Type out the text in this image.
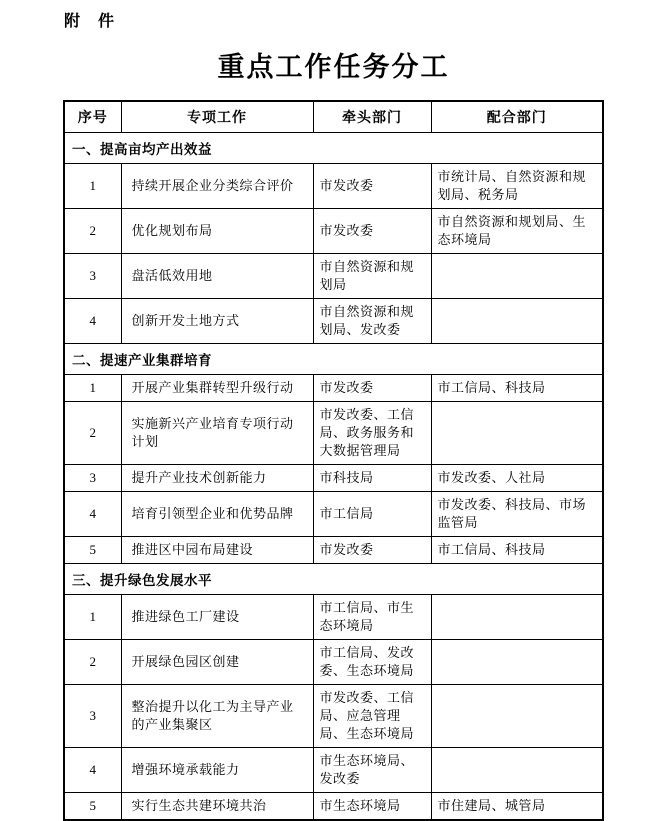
附　件
重点工作任务分工
序号	专项工作	牵头部门	配合部门
一、提高亩均产出效益			
1	持续开展企业分类综合评价	市发改委	市统计局、自然资源和规划局、税务局
2	优化规划布局	市发改委	市自然资源和规划局、生态环境局
3	盘活低效用地	市自然资源和规划局	
4	创新开发土地方式	市自然资源和规划局、发改委	
二、提速产业集群培育			
1	开展产业集群转型升级行动	市发改委	市工信局、科技局
2	实施新兴产业培育专项行动计划	市发改委、工信局、政务服务和大数据管理局	
3	提升产业技术创新能力	市科技局	市发改委、人社局
4	培育引领型企业和优势品牌	市工信局	市发改委、科技局、市场监管局
5	推进区中园布局建设	市发改委	市工信局、科技局
三、提升绿色发展水平			
1	推进绿色工厂建设	市工信局、市生态环境局	
2	开展绿色园区创建	市工信局、发改委、生态环境局	
3	整治提升以化工为主导产业的产业集聚区	市发改委、工信局、应急管理局、生态环境局	
4	增强环境承载能力	市生态环境局、发改委	
5	实行生态共建环境共治	市生态环境局	市住建局、城管局
